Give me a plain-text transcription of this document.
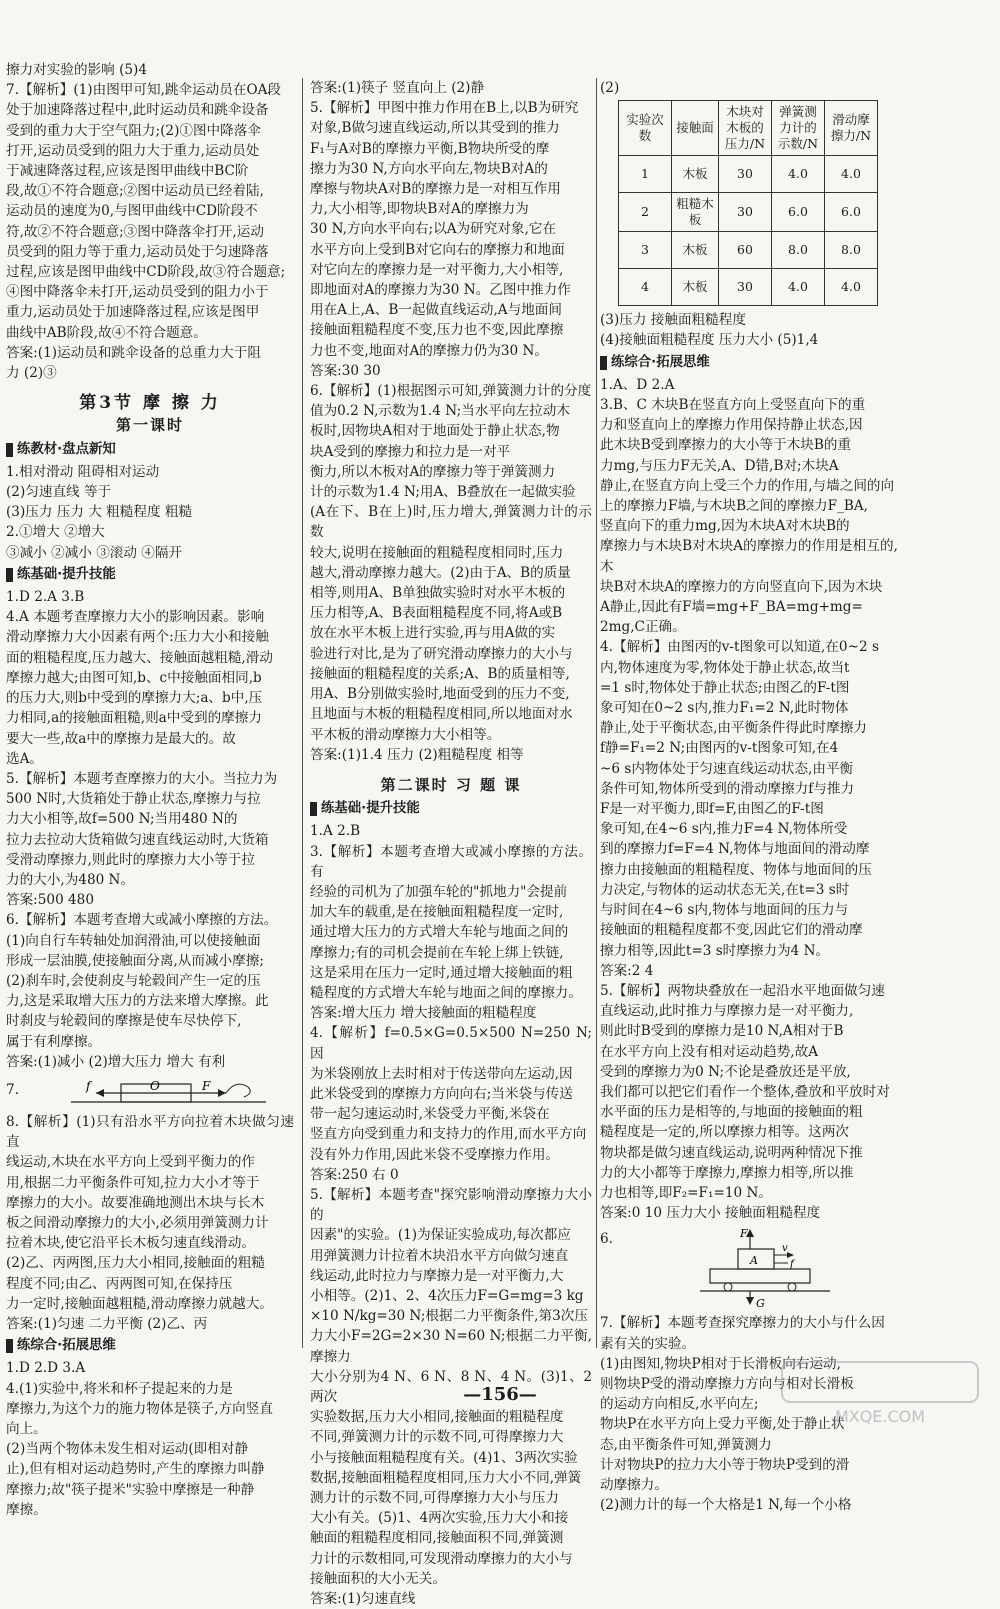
擦力对实验的影响 (5)4

7.【解析】(1)由图甲可知,跳伞运动员在OA段

处于加速降落过程中,此时运动员和跳伞设备

受到的重力大于空气阻力;(2)①图中降落伞

打开,运动员受到的阻力大于重力,运动员处

于减速降落过程,应该是图甲曲线中BC阶

段,故①不符合题意;②图中运动员已经着陆,

运动员的速度为0,与图甲曲线中CD阶段不

符,故②不符合题意;③图中降落伞打开,运动

员受到的阻力等于重力,运动员处于匀速降落

过程,应该是图甲曲线中CD阶段,故③符合题意;

④图中降落伞未打开,运动员受到的阻力小于

重力,运动员处于加速降落过程,应该是图甲

曲线中AB阶段,故④不符合题意。

答案:(1)运动员和跳伞设备的总重力大于阻

力 (2)③

第3节 摩 擦 力
第一课时
练教材·盘点新知

1.相对滑动 阻碍相对运动

(2)匀速直线 等于

(3)压力 压力 大 粗糙程度 粗糙

2.①增大 ②增大

③减小 ②减小 ③滚动 ④隔开

练基础·提升技能

1.D 2.A 3.B

4.A 本题考查摩擦力大小的影响因素。影响

滑动摩擦力大小因素有两个:压力大小和接触

面的粗糙程度,压力越大、接触面越粗糙,滑动

摩擦力越大;由图可知,b、c中接触面相同,b

的压力大,则b中受到的摩擦力大;a、b中,压

力相同,a的接触面粗糙,则a中受到的摩擦力

要大一些,故a中的摩擦力是最大的。故

选A。

5.【解析】本题考查摩擦力的大小。当拉力为

500 N时,大货箱处于静止状态,摩擦力与拉

力大小相等,故f=500 N;当用480 N的

拉力去拉动大货箱做匀速直线运动时,大货箱

受滑动摩擦力,则此时的摩擦力大小等于拉

力的大小,为480 N。

答案:500 480

6.【解析】本题考查增大或减小摩擦的方法。

(1)向自行车转轴处加润滑油,可以使接触面

形成一层油膜,使接触面分离,从而减小摩擦;

(2)刹车时,会使刹皮与轮毂间产生一定的压

力,这是采取增大压力的方法来增大摩擦。此

时刹皮与轮毂间的摩擦是使车尽快停下,

属于有利摩擦。

答案:(1)减小 (2)增大压力 增大 有利

7.	f	O	F

8.【解析】(1)只有沿水平方向拉着木块做匀速直

线运动,木块在水平方向上受到平衡力的作

用,根据二力平衡条件可知,拉力大小才等于

摩擦力的大小。故要准确地测出木块与长木

板之间滑动摩擦力的大小,必须用弹簧测力计

拉着木块,使它沿平长木板匀速直线滑动。

(2)乙、丙两图,压力大小相同,接触面的粗糙

程度不同;由乙、丙两图可知,在保持压

力一定时,接触面越粗糙,滑动摩擦力就越大。

答案:(1)匀速 二力平衡 (2)乙、丙

练综合·拓展思维

1.D 2.D 3.A

4.(1)实验中,将米和杯子提起来的力是

摩擦力,为这个力的施力物体是筷子,方向竖直

向上。

(2)当两个物体未发生相对运动(即相对静

止),但有相对运动趋势时,产生的摩擦力叫静

摩擦力;故"筷子提米"实验中摩擦是一种静

摩擦。

答案:(1)筷子 竖直向上 (2)静

5.【解析】甲图中推力作用在B上,以B为研究

对象,B做匀速直线运动,所以其受到的推力

F₁与A对B的摩擦力平衡,B物块所受的摩

擦力为30 N,方向水平向左,物块B对A的

摩擦与物块A对B的摩擦力是一对相互作用

力,大小相等,即物块B对A的摩擦力为

30 N,方向水平向右;以A为研究对象,它在

水平方向上受到B对它向右的摩擦力和地面

对它向左的摩擦力是一对平衡力,大小相等,

即地面对A的摩擦力为30 N。乙图中推力作

用在A上,A、B一起做直线运动,A与地面间

接触面粗糙程度不变,压力也不变,因此摩擦

力也不变,地面对A的摩擦力仍为30 N。

答案:30 30

6.【解析】(1)根据图示可知,弹簧测力计的分度

值为0.2 N,示数为1.4 N;当水平向左拉动木

板时,因物块A相对于地面处于静止状态,物

块A受到的摩擦力和拉力是一对平

衡力,所以木板对A的摩擦力等于弹簧测力

计的示数为1.4 N;用A、B叠放在一起做实验

(A在下、B在上)时,压力增大,弹簧测力计的示数

较大,说明在接触面的粗糙程度相同时,压力

越大,滑动摩擦力越大。(2)由于A、B的质量

相等,则用A、B单独做实验时对水平木板的

压力相等,A、B表面粗糙程度不同,将A或B

放在水平木板上进行实验,再与用A做的实

验进行对比,是为了研究滑动摩擦力的大小与

接触面的粗糙程度的关系;A、B的质量相等,

用A、B分别做实验时,地面受到的压力不变,

且地面与木板的粗糙程度相同,所以地面对水

平木板的滑动摩擦力大小相等。

答案:(1)1.4 压力 (2)粗糙程度 相等

第二课时 习 题 课
练基础·提升技能

1.A 2.B

3.【解析】本题考查增大或减小摩擦的方法。有

经验的司机为了加强车轮的"抓地力"会提前

加大车的载重,是在接触面粗糙程度一定时,

通过增大压力的方式增大车轮与地面之间的

摩擦力;有的司机会提前在车轮上绑上铁链,

这是采用在压力一定时,通过增大接触面的粗

糙程度的方式增大车轮与地面之间的摩擦力。

答案:增大压力 增大接触面的粗糙程度

4.【解析】f=0.5×G=0.5×500 N=250 N;因

为米袋刚放上去时相对于传送带向左运动,因

此米袋受到的摩擦力方向向右;当米袋与传送

带一起匀速运动时,米袋受力平衡,米袋在

竖直方向受到重力和支持力的作用,而水平方向

没有外力作用,因此米袋不受摩擦力作用。

答案:250 右 0

5.【解析】本题考查"探究影响滑动摩擦力大小的

因素"的实验。(1)为保证实验成功,每次都应

用弹簧测力计拉着木块沿水平方向做匀速直

线运动,此时拉力与摩擦力是一对平衡力,大

小相等。(2)1、2、4次压力F=G=mg=3 kg

×10 N/kg=30 N;根据二力平衡条件,第3次压

力大小F=2G=2×30 N=60 N;根据二力平衡,摩擦力

大小分别为4 N、6 N、8 N、4 N。(3)1、2两次

实验数据,压力大小相同,接触面的粗糙程度

不同,弹簧测力计的示数不同,可得摩擦力大

小与接触面粗糙程度有关。(4)1、3两次实验

数据,接触面粗糙程度相同,压力大小不同,弹簧

测力计的示数不同,可得摩擦力大小与压力

大小有关。(5)1、4两次实验,压力大小和接

触面的粗糙程度相同,接触面积不同,弹簧测

力计的示数相同,可发现滑动摩擦力的大小与

接触面积的大小无关。

答案:(1)匀速直线

(2)
实验次数	接触面	木块对木板的压力/N	弹簧测力计的示数/N	滑动摩擦力/N
1	木板	30	4.0	4.0
2	粗糙木板	30	6.0	6.0
3	木板	60	8.0	8.0
4	木板	30	4.0	4.0

(3)压力 接触面粗糙程度

(4)接触面粗糙程度 压力大小 (5)1,4

练综合·拓展思维

1.A、D 2.A

3.B、C 木块B在竖直方向上受竖直向下的重

力和竖直向上的摩擦力作用保持静止状态,因

此木块B受到摩擦力的大小等于木块B的重

力mg,与压力F无关,A、D错,B对;木块A

静止,在竖直方向上受三个力的作用,与墙之间的向

上的摩擦力F墙,与木块B之间的摩擦力F_BA,

竖直向下的重力mg,因为木块A对木块B的

摩擦力与木块B对木块A的摩擦力的作用是相互的,木

块B对木块A的摩擦力的方向竖直向下,因为木块

A静止,因此有F墙=mg+F_BA=mg+mg=

2mg,C正确。

4.【解析】由图丙的v-t图象可以知道,在0~2 s

内,物体速度为零,物体处于静止状态,故当t

=1 s时,物体处于静止状态;由图乙的F-t图

象可知在0~2 s内,推力F₁=2 N,此时物体

静止,处于平衡状态,由平衡条件得此时摩擦力

f静=F₁=2 N;由图丙的v-t图象可知,在4

~6 s内物体处于匀速直线运动状态,由平衡

条件可知,物体所受到的滑动摩擦力f与推力

F是一对平衡力,即f=F,由图乙的F-t图

象可知,在4~6 s内,推力F=4 N,物体所受

到的摩擦力f=F=4 N,物体与地面间的滑动摩

擦力由接触面的粗糙程度、物体与地面间的压

力决定,与物体的运动状态无关,在t=3 s时

与时间在4~6 s内,物体与地面间的压力与

接触面的粗糙程度都不变,因此它们的滑动摩

擦力相等,因此t=3 s时摩擦力为4 N。

答案:2 4

5.【解析】两物块叠放在一起沿水平地面做匀速

直线运动,此时推力与摩擦力是一对平衡力,

则此时B受到的摩擦力是10 N,A相对于B

在水平方向上没有相对运动趋势,故A

受到的摩擦力为0 N;不论是叠放还是平放,

我们都可以把它们看作一个整体,叠放和平放时对

水平面的压力是相等的,与地面的接触面的粗

糙程度是一定的,所以摩擦力相等。这两次

物块都是做匀速直线运动,说明两种情况下推

力的大小都等于摩擦力,摩擦力相等,所以推

力也相等,即F₂=F₁=10 N。

答案:0 10 压力大小 接触面粗糙程度

6.	F
A
v
f
G

7.【解析】本题考查探究摩擦力的大小与什么因

素有关的实验。

(1)由图知,物块P相对于长滑板向右运动,

则物块P受的滑动摩擦力方向与相对长滑板

的运动方向相反,水平向左;

物块P在水平方向上受力平衡,处于静止状

态,由平衡条件可知,弹簧测力

计对物块P的拉力大小等于物块P受到的滑

动摩擦力。

(2)测力计的每一个大格是1 N,每一个小格

—156—
MXQE.COM
